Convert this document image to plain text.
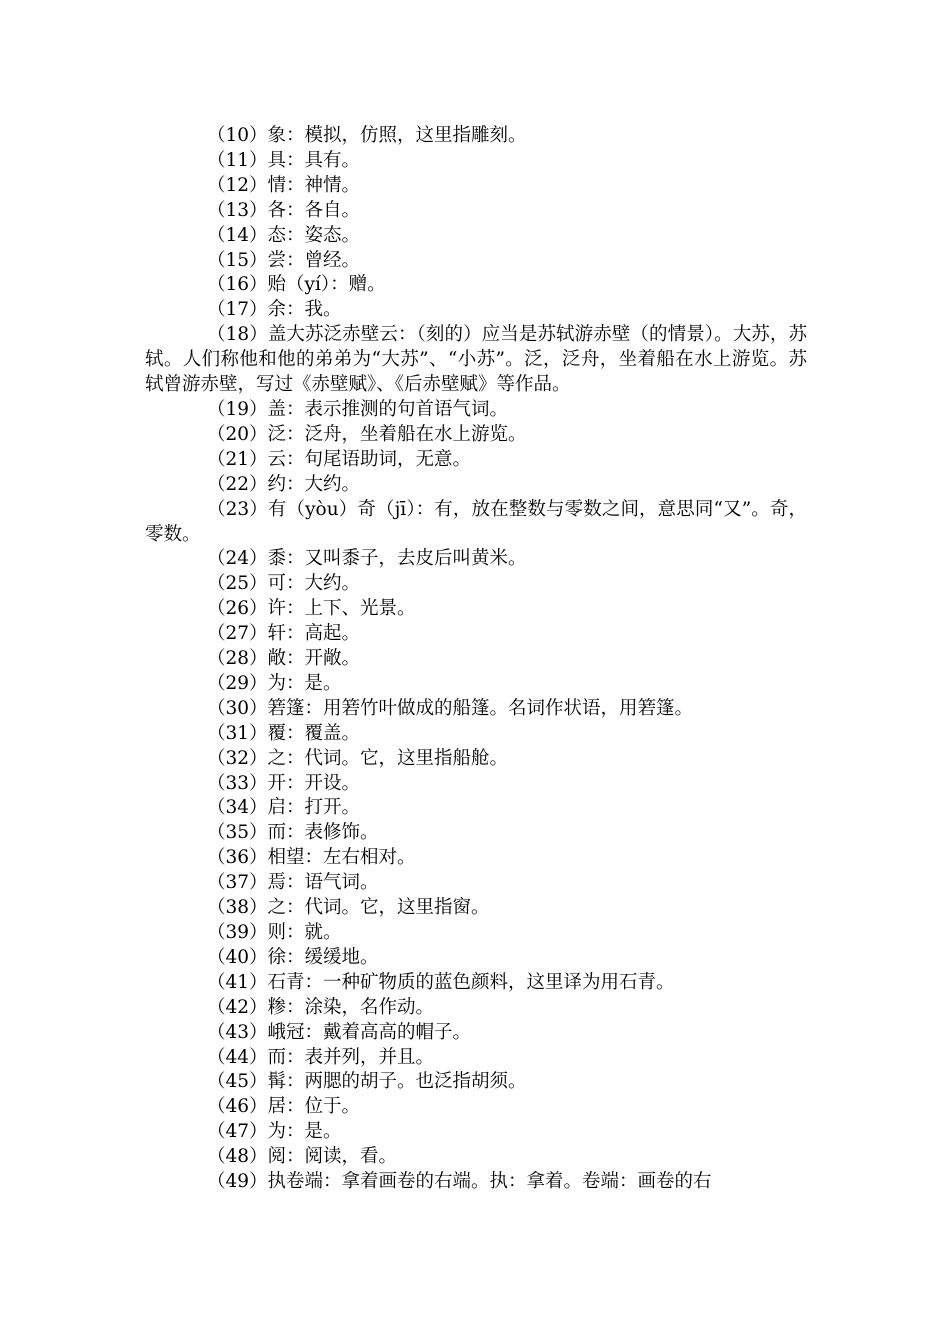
（10）象：模拟，仿照，这里指雕刻。

（11）具：具有。

（12）情：神情。

（13）各：各自。

（14）态：姿态。

（15）尝：曾经。

（16）贻（yí）：赠。

（17）余：我。

（18）盖大苏泛赤壁云：（刻的）应当是苏轼游赤壁（的情景）。大苏，苏轼。人们称他和他的弟弟为“大苏”、“小苏”。泛，泛舟，坐着船在水上游览。苏轼曾游赤壁，写过《赤壁赋》、《后赤壁赋》等作品。

（19）盖：表示推测的句首语气词。

（20）泛：泛舟，坐着船在水上游览。

（21）云：句尾语助词，无意。

（22）约：大约。

（23）有（yòu）奇（jī）：有，放在整数与零数之间，意思同“又”。奇，零数。

（24）黍：又叫黍子，去皮后叫黄米。

（25）可：大约。

（26）许：上下、光景。

（27）轩：高起。

（28）敞：开敞。

（29）为：是。

（30）箬篷：用箬竹叶做成的船篷。名词作状语，用箬篷。

（31）覆：覆盖。

（32）之：代词。它，这里指船舱。

（33）开：开设。

（34）启：打开。

（35）而：表修饰。

（36）相望：左右相对。

（37）焉：语气词。

（38）之：代词。它，这里指窗。

（39）则：就。

（40）徐：缓缓地。

（41）石青：一种矿物质的蓝色颜料，这里译为用石青。

（42）糁：涂染，名作动。

（43）峨冠：戴着高高的帽子。

（44）而：表并列，并且。

（45）髯：两腮的胡子。也泛指胡须。

（46）居：位于。

（47）为：是。

（48）阅：阅读，看。

（49）执卷端：拿着画卷的右端。执：拿着。卷端：画卷的右
